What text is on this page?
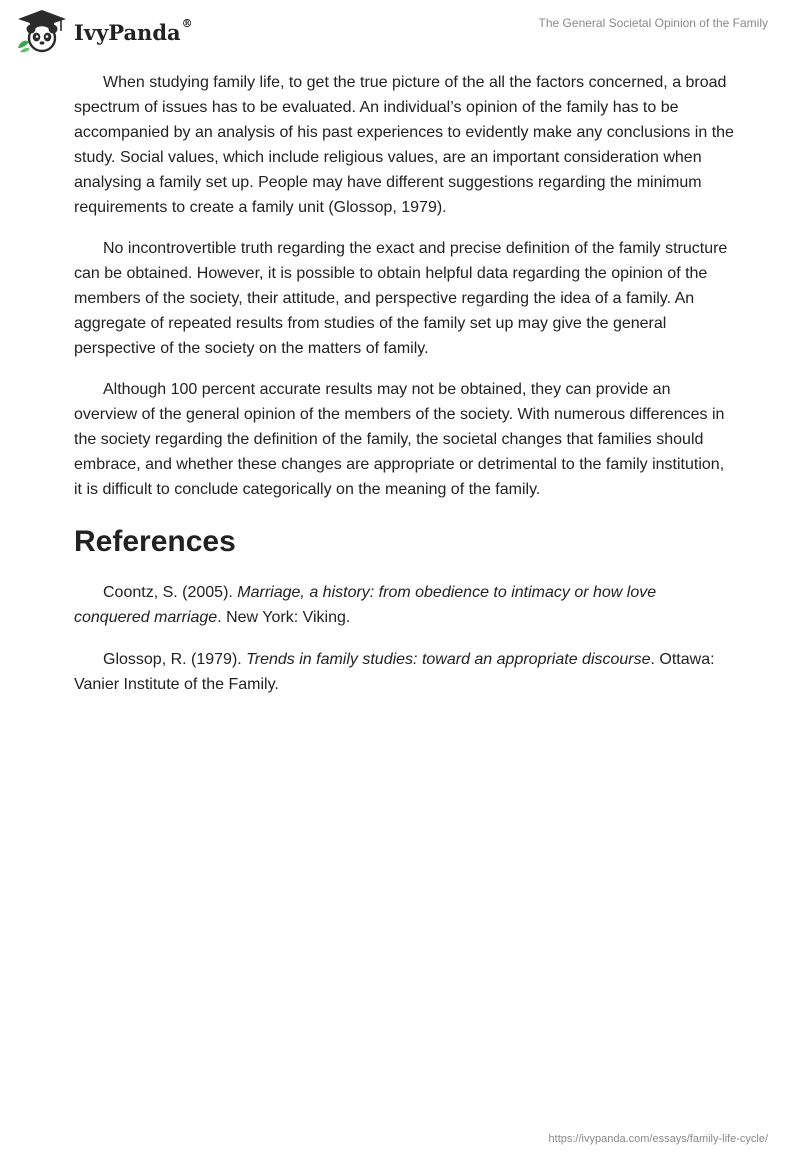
IvyPanda®	The General Societal Opinion of the Family

When studying family life, to get the true picture of the all the factors concerned, a broad spectrum of issues has to be evaluated. An individual’s opinion of the family has to be accompanied by an analysis of his past experiences to evidently make any conclusions in the study. Social values, which include religious values, are an important consideration when analysing a family set up. People may have different suggestions regarding the minimum requirements to create a family unit (Glossop, 1979).

No incontrovertible truth regarding the exact and precise definition of the family structure can be obtained. However, it is possible to obtain helpful data regarding the opinion of the members of the society, their attitude, and perspective regarding the idea of a family. An aggregate of repeated results from studies of the family set up may give the general perspective of the society on the matters of family.

Although 100 percent accurate results may not be obtained, they can provide an overview of the general opinion of the members of the society. With numerous differences in the society regarding the definition of the family, the societal changes that families should embrace, and whether these changes are appropriate or detrimental to the family institution, it is difficult to conclude categorically on the meaning of the family.

References

Coontz, S. (2005). Marriage, a history: from obedience to intimacy or how love conquered marriage. New York: Viking.

Glossop, R. (1979). Trends in family studies: toward an appropriate discourse. Ottawa: Vanier Institute of the Family.

https://ivypanda.com/essays/family-life-cycle/
